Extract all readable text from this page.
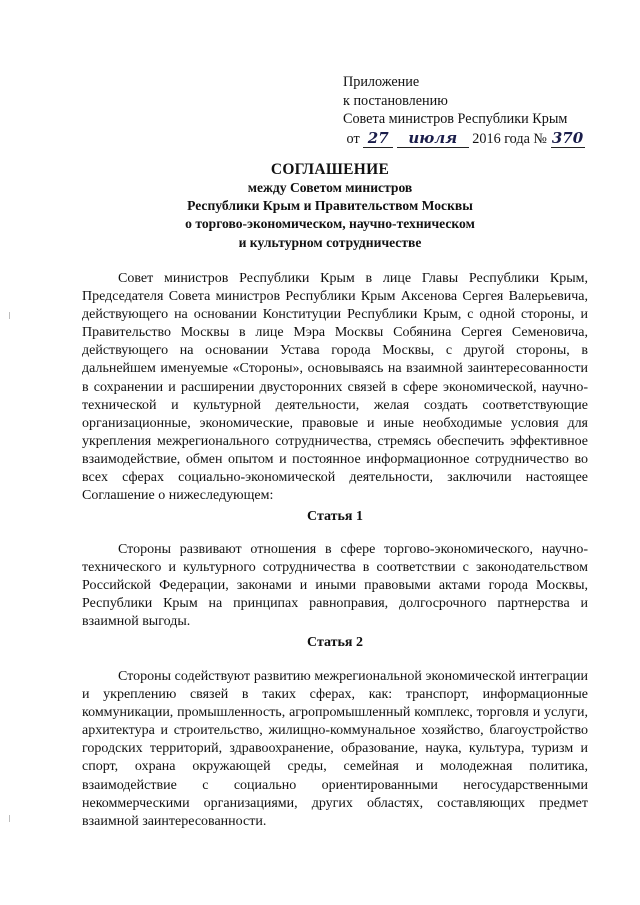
Приложение
к постановлению
Совета министров Республики Крым
от 27 июля 2016 года № 370
СОГЛАШЕНИЕ
между Советом министров
Республики Крым и Правительством Москвы
о торгово-экономическом, научно-техническом
и культурном сотрудничестве

Совет министров Республики Крым в лице Главы Республики Крым, Председателя Совета министров Республики Крым Аксенова Сергея Валерьевича, действующего на основании Конституции Республики Крым, с одной стороны, и Правительство Москвы в лице Мэра Москвы Собянина Сергея Семеновича, действующего на основании Устава города Москвы, с другой стороны, в дальнейшем именуемые «Стороны», основываясь на взаимной заинтересованности в сохранении и расширении двусторонних связей в сфере экономической, научно-технической и культурной деятельности, желая создать соответствующие организационные, экономические, правовые и иные необходимые условия для укрепления межрегионального сотрудничества, стремясь обеспечить эффективное взаимодействие, обмен опытом и постоянное информационное сотрудничество во всех сферах социально-экономической деятельности, заключили настоящее Соглашение о нижеследующем:

Статья 1

Стороны развивают отношения в сфере торгово-экономического, научно-технического и культурного сотрудничества в соответствии с законодательством Российской Федерации, законами и иными правовыми актами города Москвы, Республики Крым на принципах равноправия, долгосрочного партнерства и взаимной выгоды.

Статья 2

Стороны содействуют развитию межрегиональной экономической интеграции и укреплению связей в таких сферах, как: транспорт, информационные коммуникации, промышленность, агропромышленный комплекс, торговля и услуги, архитектура и строительство, жилищно-коммунальное хозяйство, благоустройство городских территорий, здравоохранение, образование, наука, культура, туризм и спорт, охрана окружающей среды, семейная и молодежная политика, взаимодействие с социально ориентированными негосударственными некоммерческими организациями, других областях, составляющих предмет взаимной заинтересованности.
